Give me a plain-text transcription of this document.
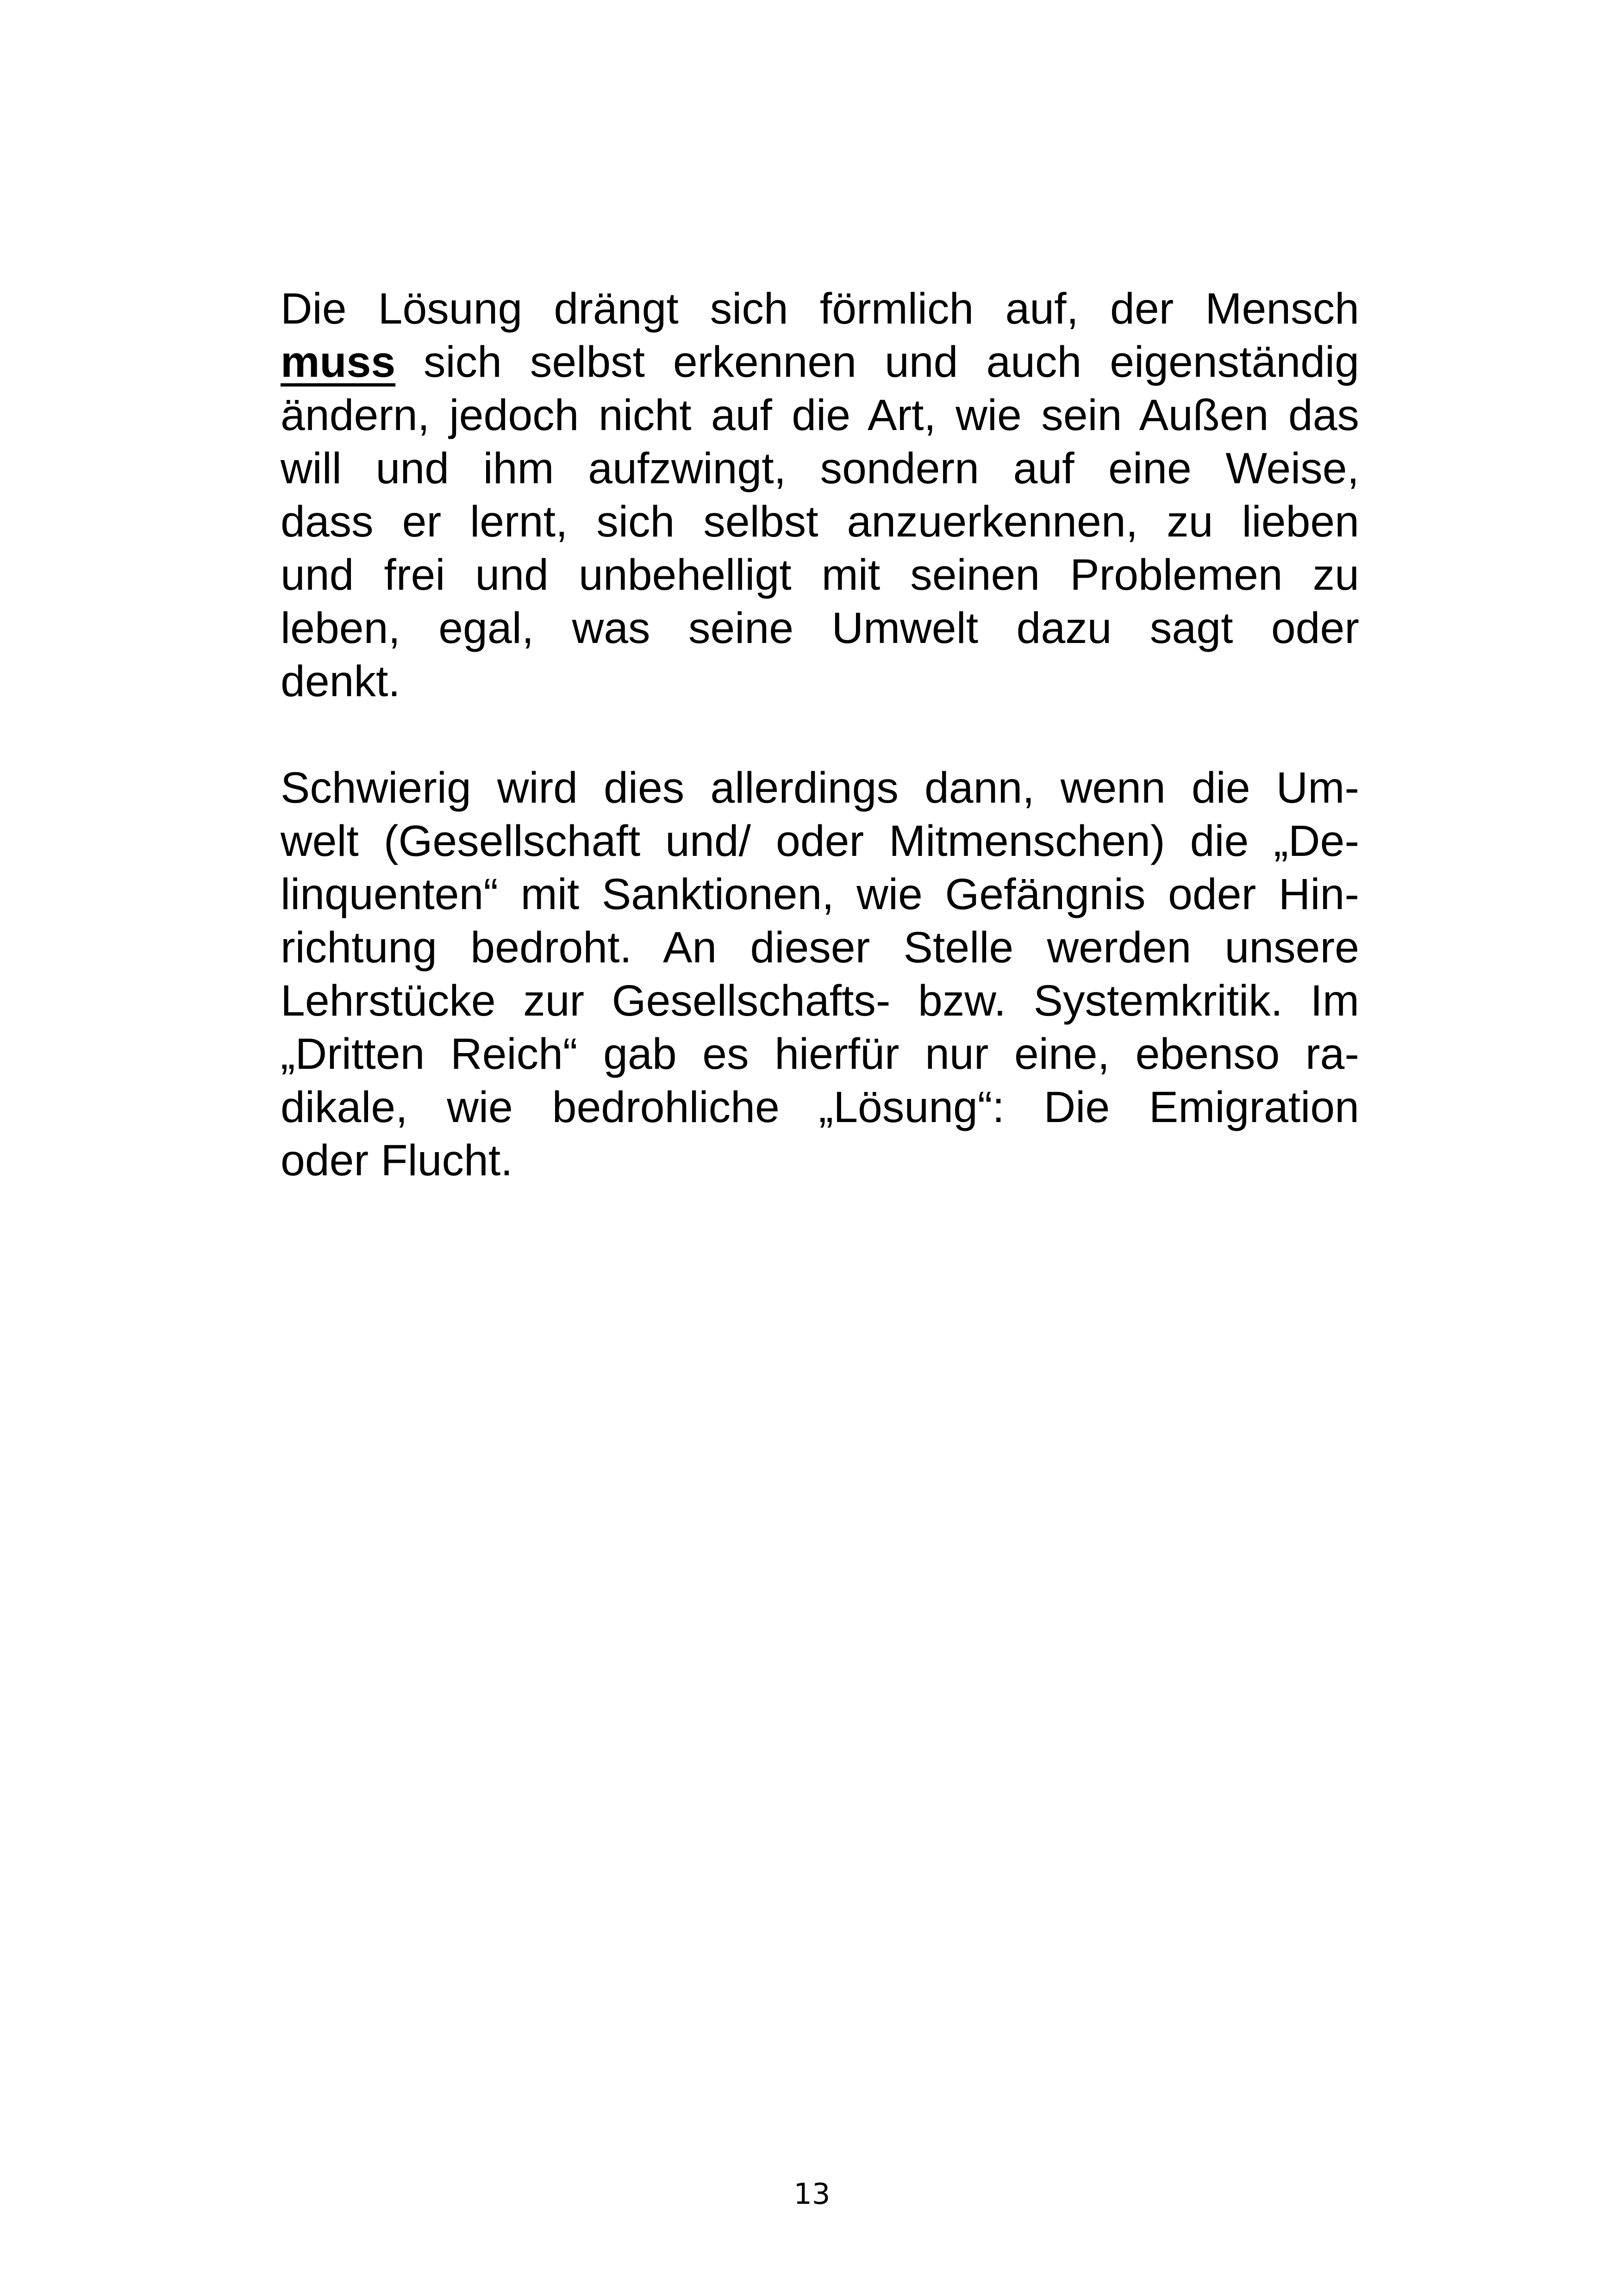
Die Lösung drängt sich förmlich auf, der Mensch
muss sich selbst erkennen und auch eigenständig
ändern, jedoch nicht auf die Art, wie sein Außen das
will und ihm aufzwingt, sondern auf eine Weise,
dass er lernt, sich selbst anzuerkennen, zu lieben
und frei und unbehelligt mit seinen Problemen zu
leben, egal, was seine Umwelt dazu sagt oder
denkt.
Schwierig wird dies allerdings dann, wenn die Um-
welt (Gesellschaft und/ oder Mitmenschen) die „De-
linquenten“ mit Sanktionen, wie Gefängnis oder Hin-
richtung bedroht. An dieser Stelle werden unsere
Lehrstücke zur Gesellschafts- bzw. Systemkritik. Im
„Dritten Reich“ gab es hierfür nur eine, ebenso ra-
dikale, wie bedrohliche „Lösung“: Die Emigration
oder Flucht.
13
